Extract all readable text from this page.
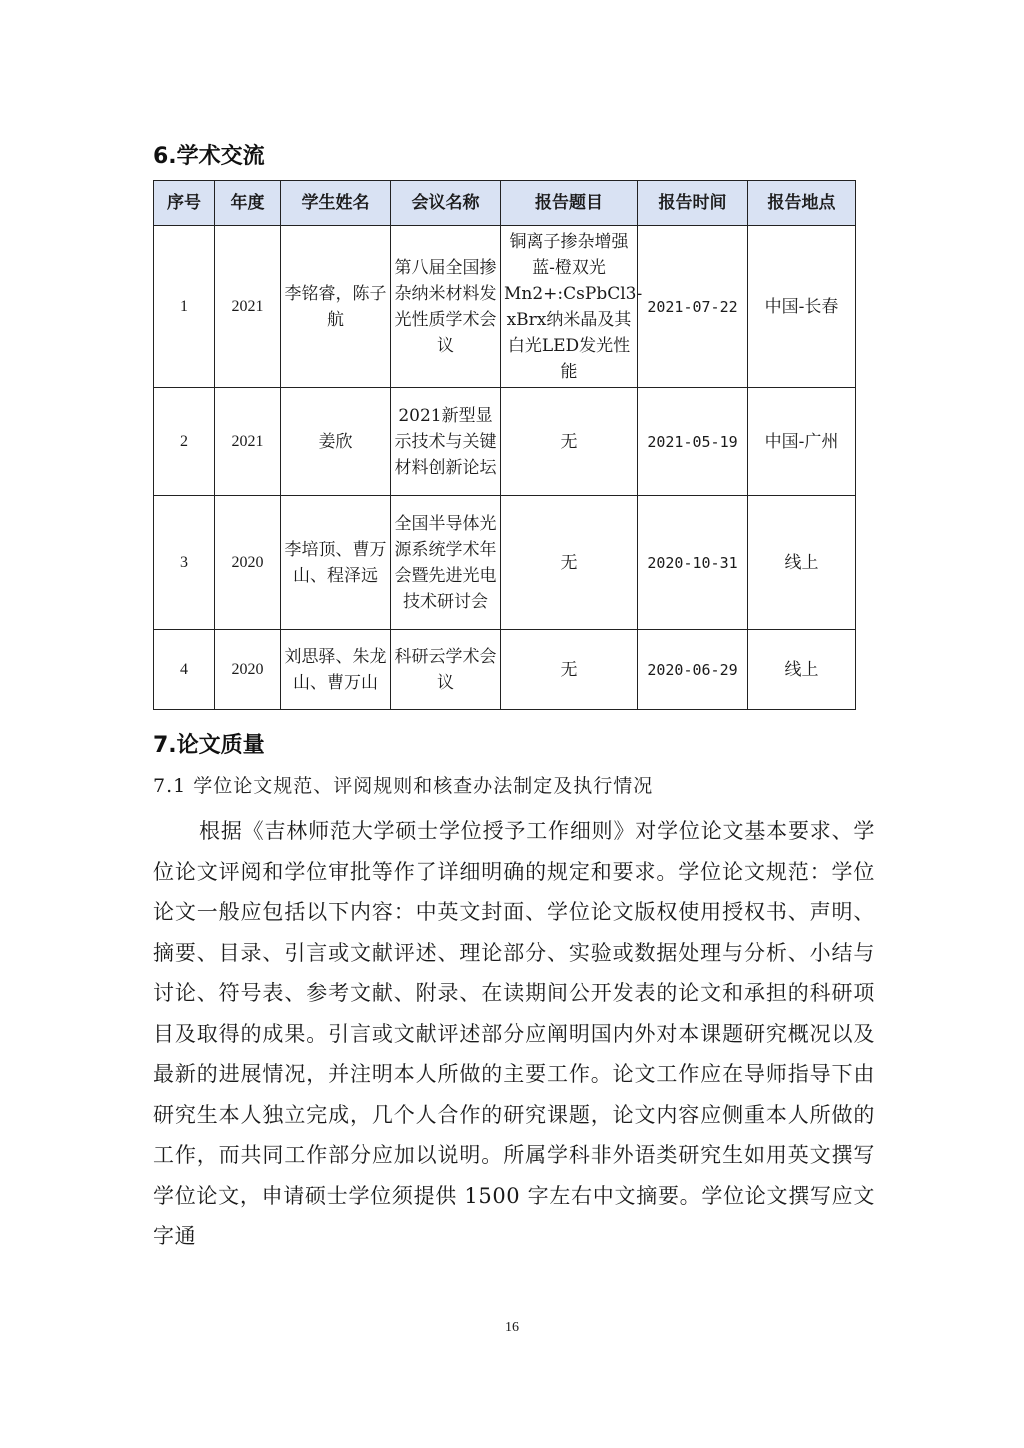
6.学术交流
序号	年度	学生姓名	会议名称	报告题目	报告时间	报告地点
1	2021	李铭睿，陈子航	第八届全国掺杂纳米材料发光性质学术会议	铜离子掺杂增强蓝-橙双光Mn2+:CsPbCl3-xBrx纳米晶及其白光LED发光性能	2021-07-22	中国-长春
2	2021	姜欣	2021新型显示技术与关键材料创新论坛	无	2021-05-19	中国-广州
3	2020	李培顶、曹万山、程泽远	全国半导体光源系统学术年会暨先进光电技术研讨会	无	2020-10-31	线上
4	2020	刘思驿、朱龙山、曹万山	科研云学术会议	无	2020-06-29	线上
7.论文质量
7.1 学位论文规范、评阅规则和核查办法制定及执行情况
根据《吉林师范大学硕士学位授予工作细则》对学位论文基本要求、学位论文评阅和学位审批等作了详细明确的规定和要求。学位论文规范：学位论文一般应包括以下内容：中英文封面、学位论文版权使用授权书、声明、摘要、目录、引言或文献评述、理论部分、实验或数据处理与分析、小结与讨论、符号表、参考文献、附录、在读期间公开发表的论文和承担的科研项目及取得的成果。引言或文献评述部分应阐明国内外对本课题研究概况以及最新的进展情况，并注明本人所做的主要工作。论文工作应在导师指导下由研究生本人独立完成，几个人合作的研究课题，论文内容应侧重本人所做的工作，而共同工作部分应加以说明。所属学科非外语类研究生如用英文撰写学位论文，申请硕士学位须提供 1500 字左右中文摘要。学位论文撰写应文字通
16
